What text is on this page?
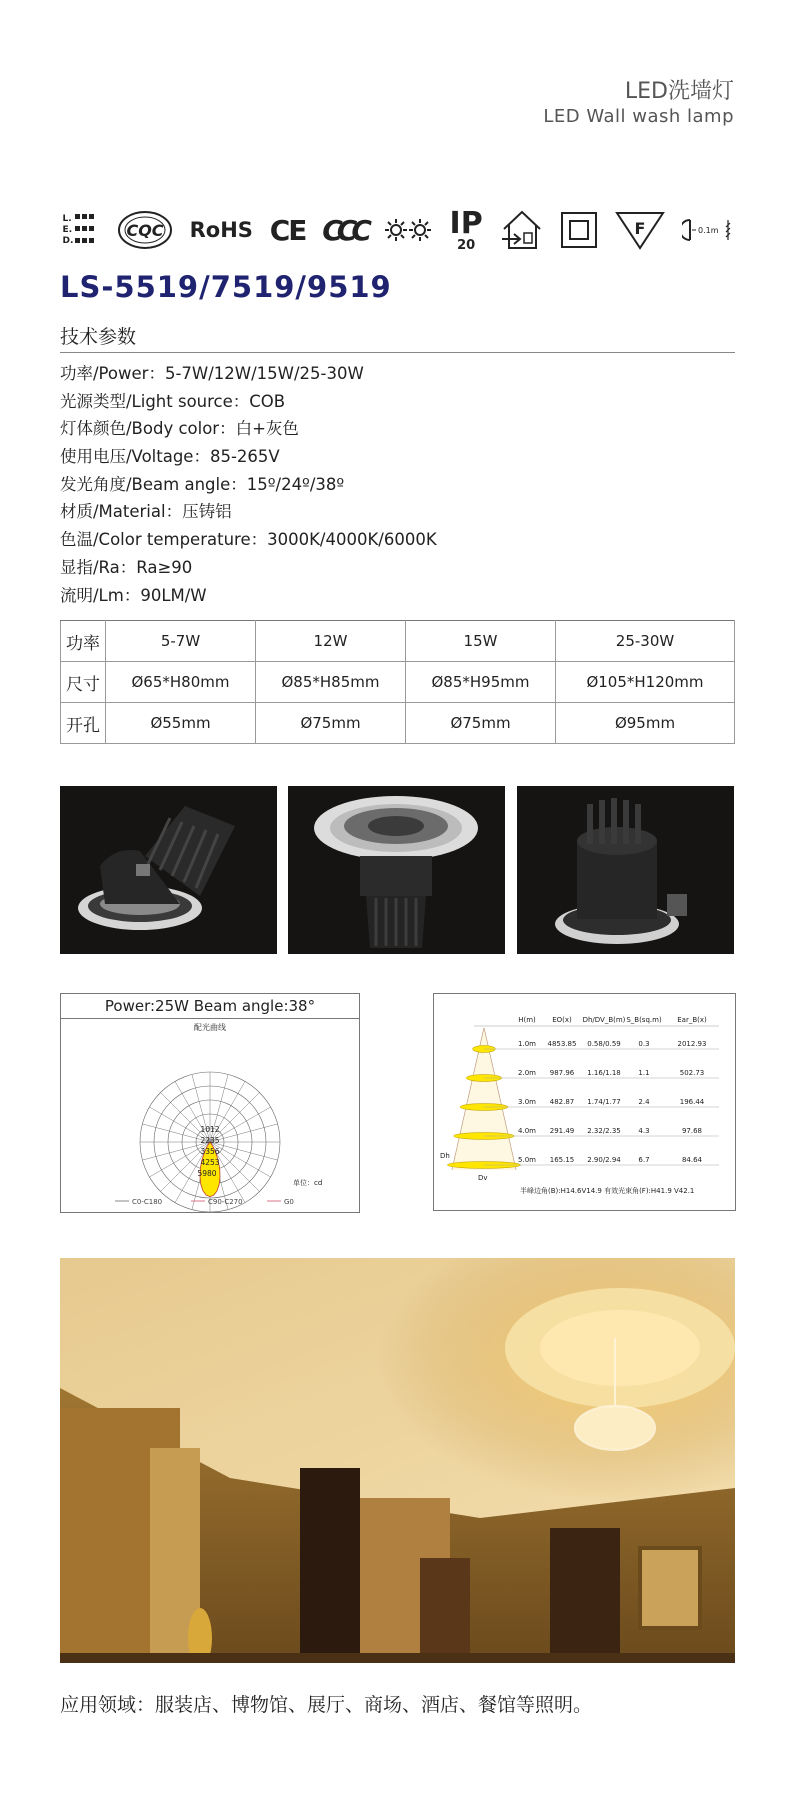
LED洗墙灯
LED Wall wash lamp
L.
E.
D.
CQC RoHS CE CCC	IP
20
F	0.1m
LS-5519/7519/9519
技术参数
功率/Power：5-7W/12W/15W/25-30W
光源类型/Light source：COB
灯体颜色/Body color：白+灰色
使用电压/Voltage：85-265V
发光角度/Beam angle：15º/24º/38º
材质/Material：压铸铝
色温/Color temperature：3000K/4000K/6000K
显指/Ra：Ra≥90
流明/Lm：90LM/W
功率	5-7W	12W	15W	25-30W
尺寸	Ø65*H80mm	Ø85*H85mm	Ø85*H95mm	Ø105*H120mm
开孔	Ø55mm	Ø75mm	Ø75mm	Ø95mm
Power:25W Beam angle:38°
配光曲线
1012
2235
3356
4253
5980
单位：cd
C0-C180	C90-C270	G0
H(m) EO(x) Dh/DV_B(m) S_B(sq.m) Ear_B(x)
1.0m 4853.85 0.58/0.59	0.3	2012.93
2.0m 987.96 1.16/1.18	1.1	502.73
3.0m 482.87 1.74/1.77	2.4	196.44
4.0m 291.49 2.32/2.35	4.3	97.68
5.0m 165.15 2.90/2.94	6.7	84.64
Dh
Dv
半峰边角(B):H14.6V14.9 有效光束角(F):H41.9 V42.1
应用领域：服装店、博物馆、展厅、商场、酒店、餐馆等照明。
